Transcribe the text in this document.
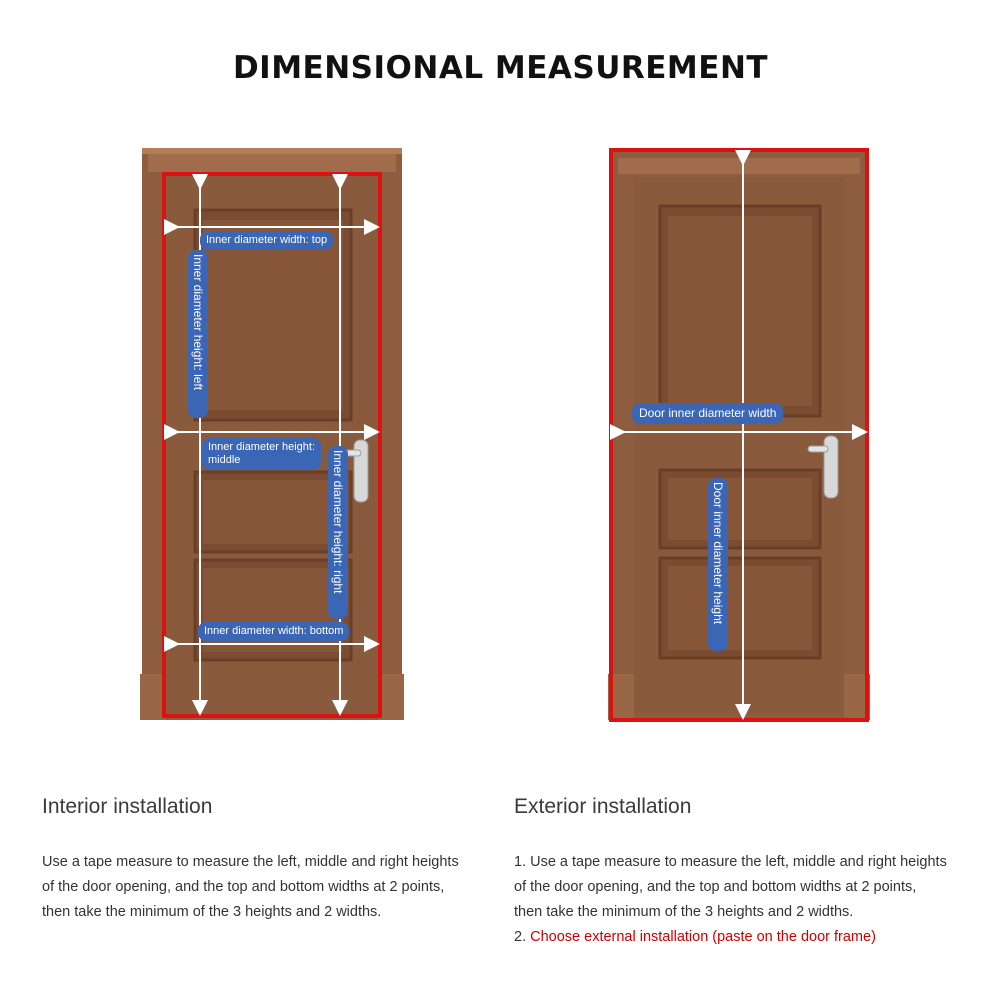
DIMENSIONAL MEASUREMENT
Inner diameter width: top
Inner diameter height: left
Inner diameter height:
middle	Inner diameter height: right
Inner diameter width: bottom
Door inner diameter width
Door inner diameter height
Interior installation

Use a tape measure to measure the left, middle and right heights

of the door opening, and the top and bottom widths at 2 points,

then take the minimum of the 3 heights and 2 widths.

Exterior installation

1. Use a tape measure to measure the left, middle and right heights

of the door opening, and the top and bottom widths at 2 points,

then take the minimum of the 3 heights and 2 widths.

2. Choose external installation (paste on the door frame)
